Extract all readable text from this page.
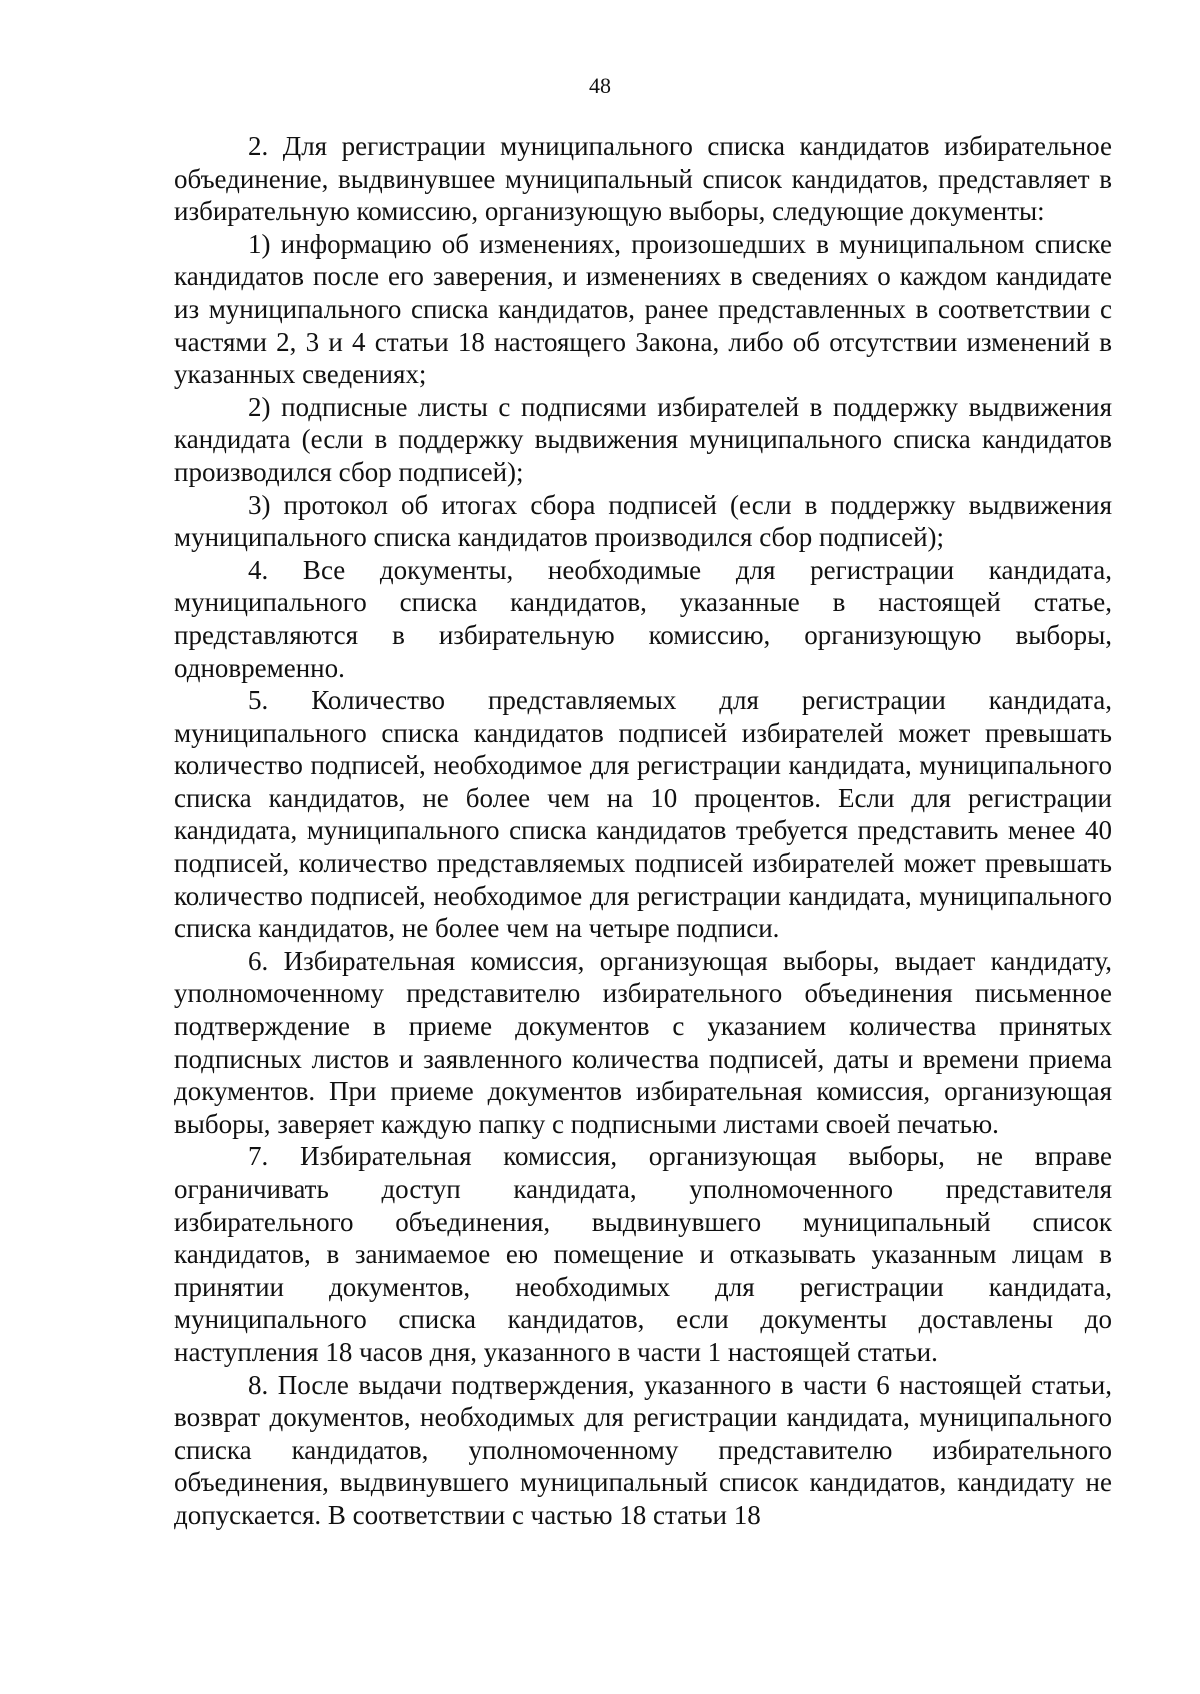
48

2. Для регистрации муниципального списка кандидатов избирательное объединение, выдвинувшее муниципальный список кандидатов, представляет в избирательную комиссию, организующую выборы, следующие документы:

1) информацию об изменениях, произошедших в муниципальном списке кандидатов после его заверения, и изменениях в сведениях о каждом кандидате из муниципального списка кандидатов, ранее представленных в соответствии с частями 2, 3 и 4 статьи 18 настоящего Закона, либо об отсутствии изменений в указанных сведениях;

2) подписные листы с подписями избирателей в поддержку выдвижения кандидата (если в поддержку выдвижения муниципального списка кандидатов производился сбор подписей);

3) протокол об итогах сбора подписей (если в поддержку выдвижения муниципального списка кандидатов производился сбор подписей);

4. Все документы, необходимые для регистрации кандидата, муниципального списка кандидатов, указанные в настоящей статье, представляются в избирательную комиссию, организующую выборы, одновременно.

5. Количество представляемых для регистрации кандидата, муниципального списка кандидатов подписей избирателей может превышать количество подписей, необходимое для регистрации кандидата, муниципального списка кандидатов, не более чем на 10 процентов. Если для регистрации кандидата, муниципального списка кандидатов требуется представить менее 40 подписей, количество представляемых подписей избирателей может превышать количество подписей, необходимое для регистрации кандидата, муниципального списка кандидатов, не более чем на четыре подписи.

6. Избирательная комиссия, организующая выборы, выдает кандидату, уполномоченному представителю избирательного объединения письменное подтверждение в приеме документов с указанием количества принятых подписных листов и заявленного количества подписей, даты и времени приема документов. При приеме документов избирательная комиссия, организующая выборы, заверяет каждую папку с подписными листами своей печатью.

7. Избирательная комиссия, организующая выборы, не вправе ограничивать доступ кандидата, уполномоченного представителя избирательного объединения, выдвинувшего муниципальный список кандидатов, в занимаемое ею помещение и отказывать указанным лицам в принятии документов, необходимых для регистрации кандидата, муниципального списка кандидатов, если документы доставлены до наступления 18 часов дня, указанного в части 1 настоящей статьи.

8. После выдачи подтверждения, указанного в части 6 настоящей статьи, возврат документов, необходимых для регистрации кандидата, муниципального списка кандидатов, уполномоченному представителю избирательного объединения, выдвинувшего муниципальный список кандидатов, кандидату не допускается. В соответствии с частью 18 статьи 18
